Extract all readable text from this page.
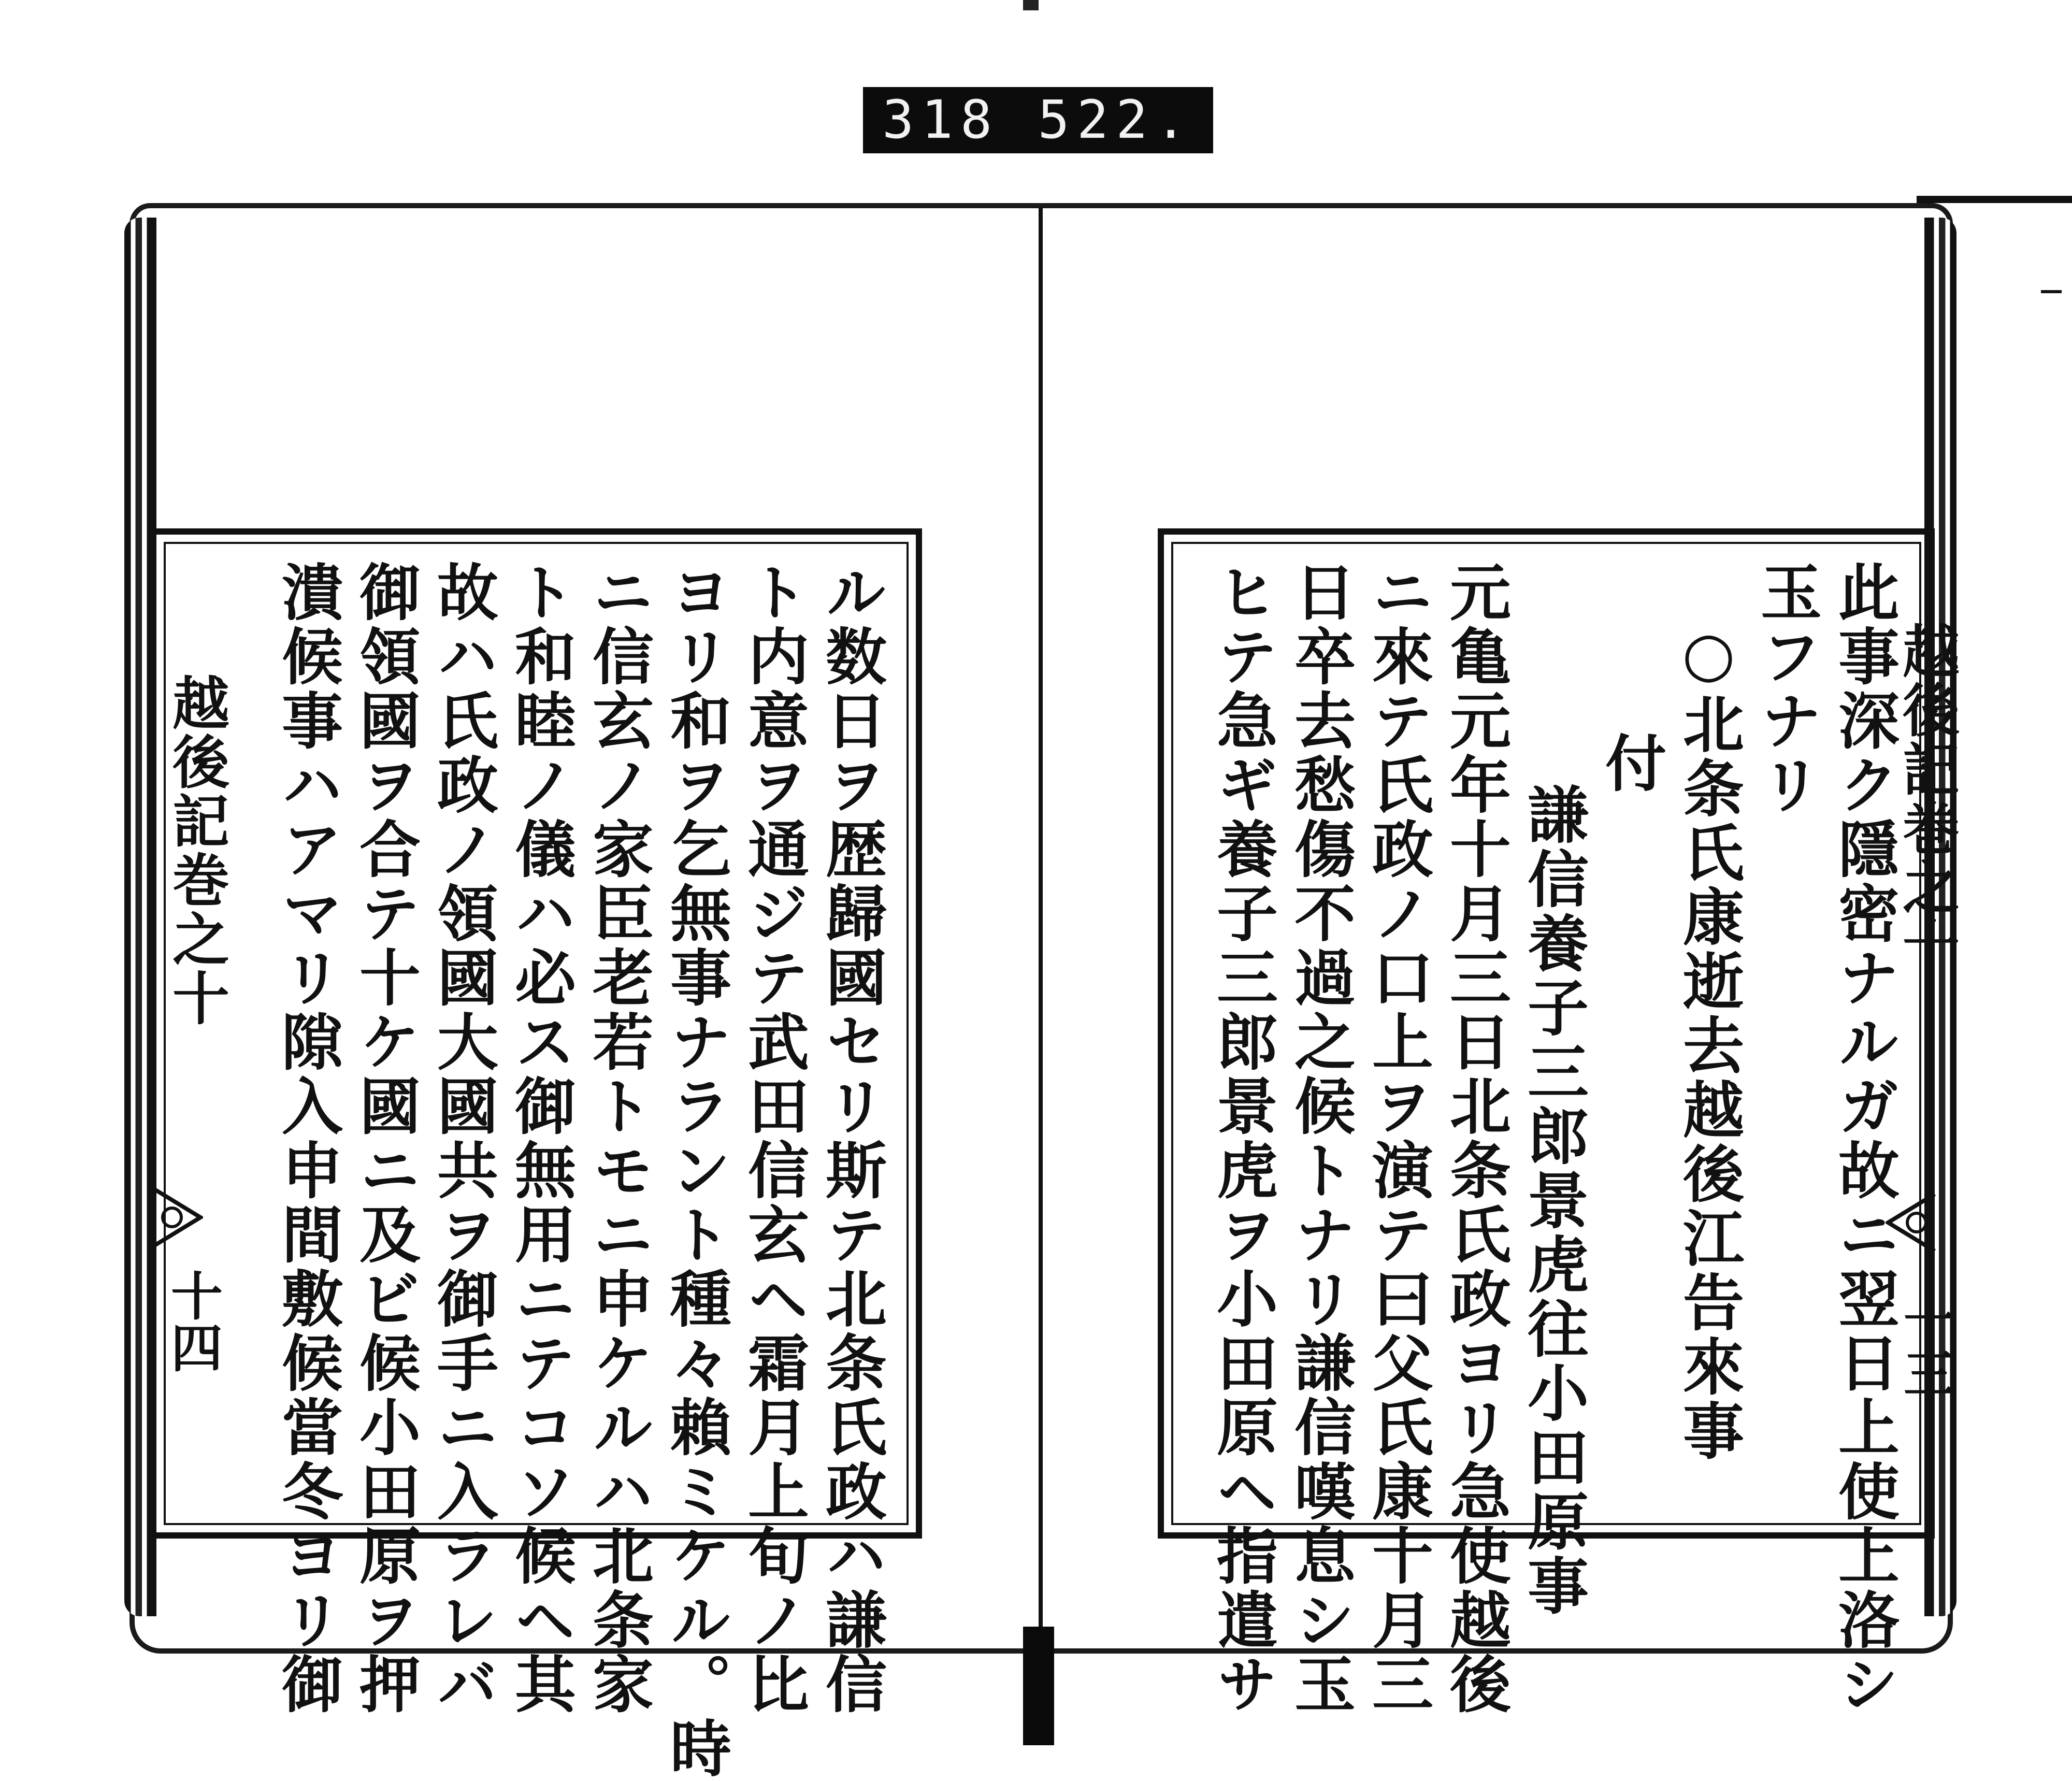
318 522.
越後記巻之十
十四	ル数日ヲ歴歸國セリ斯テ北条氏政ハ謙信
ト内意ヲ通ジテ武田信玄ヘ霜月上旬ノ比
ヨリ和ヲ乞無事ナラント種々賴ミケル。時
ニ信玄ノ家臣老若トモニ申ケルハ北条家
ト和睦ノ儀ハ必ス御無用ニテコソ候ヘ其
故ハ氏政ノ領國大國共ヲ御手ニ入ラレバ
御領國ヲ合テ十ケ國ニ及ビ候小田原ヲ押
潰候事ハアマリ隙入申間敷候當冬ヨリ御	此事深ク隱密ナルガ故ニ翌日上使上洛シ
玉フナリ
○北条氏康逝去越後江告來事
付
謙信養子三郎景虎往小田原事
元亀元年十月三日北条氏政ヨリ急使越後
ニ來テ氏政ノ口上ヲ演テ曰父氏康十月三
日卒去愁傷不過之候トナリ謙信嘆息シ玉
ヒテ急ギ養子三郎景虎ヲ小田原ヘ指遣サ	越後記巻之十
十三
